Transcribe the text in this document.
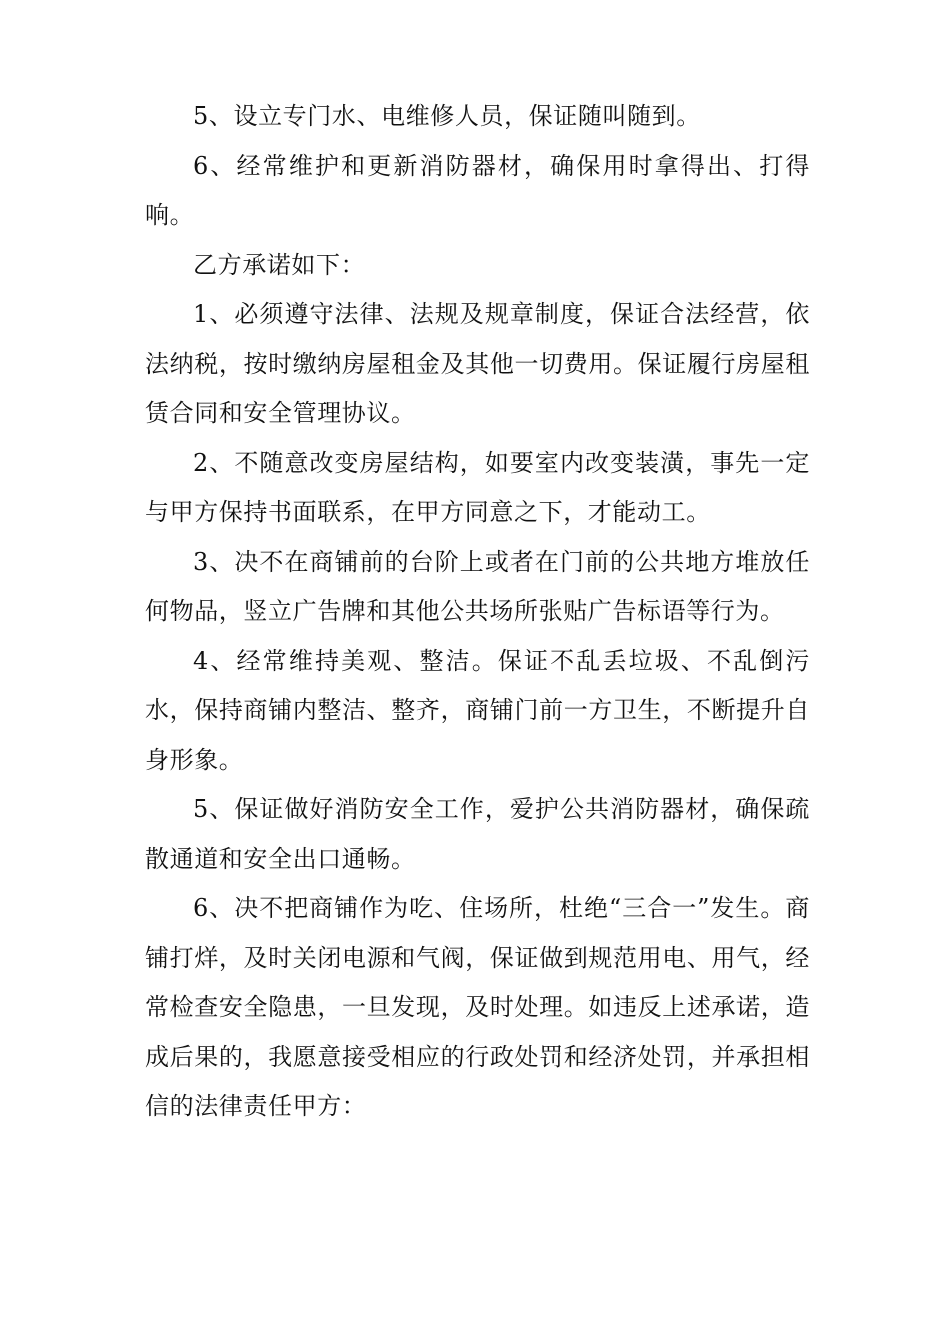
5、设立专门水、电维修人员，保证随叫随到。

6、经常维护和更新消防器材，确保用时拿得出、打得响。

乙方承诺如下：

1、必须遵守法律、法规及规章制度，保证合法经营，依法纳税，按时缴纳房屋租金及其他一切费用。保证履行房屋租赁合同和安全管理协议。

2、不随意改变房屋结构，如要室内改变装潢，事先一定与甲方保持书面联系，在甲方同意之下，才能动工。

3、决不在商铺前的台阶上或者在门前的公共地方堆放任何物品，竖立广告牌和其他公共场所张贴广告标语等行为。

4、经常维持美观、整洁。保证不乱丢垃圾、不乱倒污水，保持商铺内整洁、整齐，商铺门前一方卫生，不断提升自身形象。

5、保证做好消防安全工作，爱护公共消防器材，确保疏散通道和安全出口通畅。

6、决不把商铺作为吃、住场所，杜绝“三合一”发生。商铺打烊，及时关闭电源和气阀，保证做到规范用电、用气，经常检查安全隐患，一旦发现，及时处理。如违反上述承诺，造成后果的，我愿意接受相应的行政处罚和经济处罚，并承担相信的法律责任甲方：
